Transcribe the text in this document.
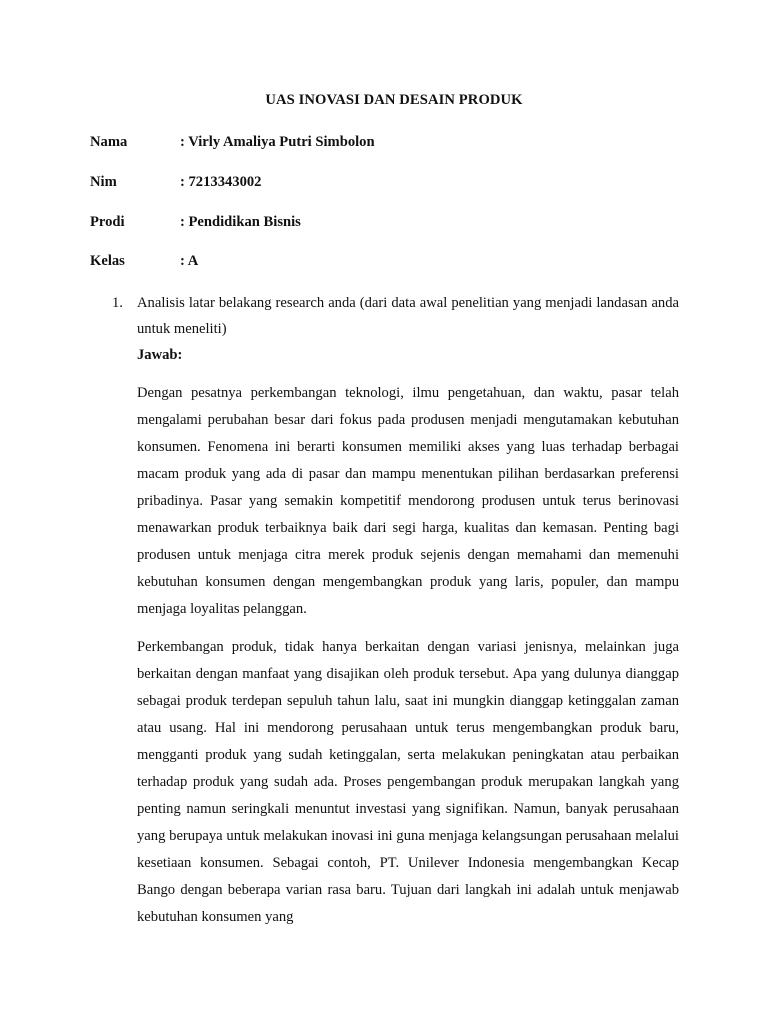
UAS INOVASI DAN DESAIN PRODUK
Nama	: Virly Amaliya Putri Simbolon
Nim	: 7213343002
Prodi	: Pendidikan Bisnis
Kelas	: A
1. Analisis latar belakang research anda (dari data awal penelitian yang menjadi landasan anda untuk meneliti)
Jawab:

Dengan pesatnya perkembangan teknologi, ilmu pengetahuan, dan waktu, pasar telah mengalami perubahan besar dari fokus pada produsen menjadi mengutamakan kebutuhan konsumen. Fenomena ini berarti konsumen memiliki akses yang luas terhadap berbagai macam produk yang ada di pasar dan mampu menentukan pilihan berdasarkan preferensi pribadinya. Pasar yang semakin kompetitif mendorong produsen untuk terus berinovasi menawarkan produk terbaiknya baik dari segi harga, kualitas dan kemasan. Penting bagi produsen untuk menjaga citra merek produk sejenis dengan memahami dan memenuhi kebutuhan konsumen dengan mengembangkan produk yang laris, populer, dan mampu menjaga loyalitas pelanggan.

Perkembangan produk, tidak hanya berkaitan dengan variasi jenisnya, melainkan juga berkaitan dengan manfaat yang disajikan oleh produk tersebut. Apa yang dulunya dianggap sebagai produk terdepan sepuluh tahun lalu, saat ini mungkin dianggap ketinggalan zaman atau usang. Hal ini mendorong perusahaan untuk terus mengembangkan produk baru, mengganti produk yang sudah ketinggalan, serta melakukan peningkatan atau perbaikan terhadap produk yang sudah ada. Proses pengembangan produk merupakan langkah yang penting namun seringkali menuntut investasi yang signifikan. Namun, banyak perusahaan yang berupaya untuk melakukan inovasi ini guna menjaga kelangsungan perusahaan melalui kesetiaan konsumen. Sebagai contoh, PT. Unilever Indonesia mengembangkan Kecap Bango dengan beberapa varian rasa baru. Tujuan dari langkah ini adalah untuk menjawab kebutuhan konsumen yang
